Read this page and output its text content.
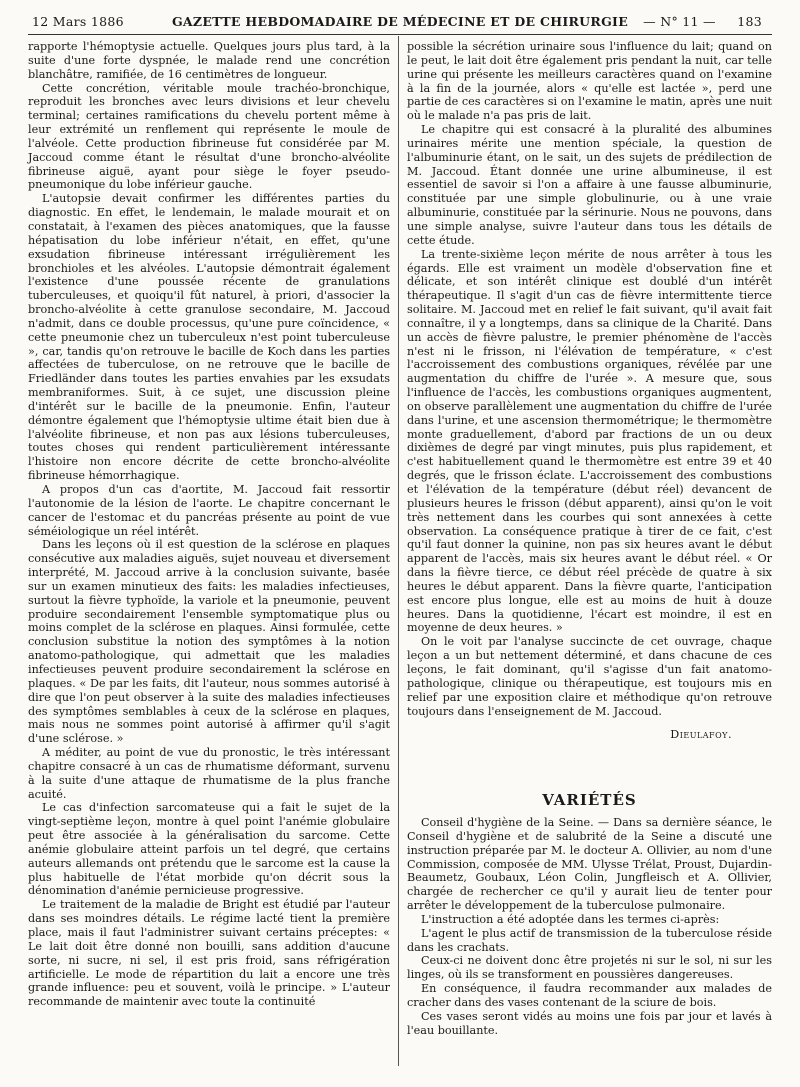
12 Mars 1886	GAZETTE HEBDOMADAIRE DE MÉDECINE ET DE CHIRURGIE	— N° 11 — 183

rapporte l'hémoptysie actuelle. Quelques jours plus tard, à la suite d'une forte dyspnée, le malade rend une concrétion blanchâtre, ramifiée, de 16 centimètres de longueur.

Cette concrétion, véritable moule trachéo-bronchique, reproduit les bronches avec leurs divisions et leur chevelu terminal; certaines ramifications du chevelu portent même à leur extrémité un renflement qui représente le moule de l'alvéole. Cette production fibrineuse fut considérée par M. Jaccoud comme étant le résultat d'une broncho-alvéolite fibrineuse aiguë, ayant pour siège le foyer pseudo-pneumonique du lobe inférieur gauche.

L'autopsie devait confirmer les différentes parties du diagnostic. En effet, le lendemain, le malade mourait et on constatait, à l'examen des pièces anatomiques, que la fausse hépatisation du lobe inférieur n'était, en effet, qu'une exsudation fibrineuse intéressant irrégulièrement les bronchioles et les alvéoles. L'autopsie démontrait également l'existence d'une poussée récente de granulations tuberculeuses, et quoiqu'il fût naturel, à priori, d'associer la broncho-alvéolite à cette granulose secondaire, M. Jaccoud n'admit, dans ce double processus, qu'une pure coïncidence, « cette pneumonie chez un tuberculeux n'est point tuberculeuse », car, tandis qu'on retrouve le bacille de Koch dans les parties affectées de tuberculose, on ne retrouve que le bacille de Friedländer dans toutes les parties envahies par les exsudats membraniformes. Suit, à ce sujet, une discussion pleine d'intérêt sur le bacille de la pneumonie. Enfin, l'auteur démontre également que l'hémoptysie ultime était bien due à l'alvéolite fibrineuse, et non pas aux lésions tuberculeuses, toutes choses qui rendent particulièrement intéressante l'histoire non encore décrite de cette broncho-alvéolite fibrineuse hémorrhagique.

A propos d'un cas d'aortite, M. Jaccoud fait ressortir l'autonomie de la lésion de l'aorte. Le chapitre concernant le cancer de l'estomac et du pancréas présente au point de vue séméiologique un réel intérêt.

Dans les leçons où il est question de la sclérose en plaques consécutive aux maladies aiguës, sujet nouveau et diversement interprété, M. Jaccoud arrive à la conclusion suivante, basée sur un examen minutieux des faits: les maladies infectieuses, surtout la fièvre typhoïde, la variole et la pneumonie, peuvent produire secondairement l'ensemble symptomatique plus ou moins complet de la sclérose en plaques. Ainsi formulée, cette conclusion substitue la notion des symptômes à la notion anatomo-pathologique, qui admettait que les maladies infectieuses peuvent produire secondairement la sclérose en plaques. « De par les faits, dit l'auteur, nous sommes autorisé à dire que l'on peut observer à la suite des maladies infectieuses des symptômes semblables à ceux de la sclérose en plaques, mais nous ne sommes point autorisé à affirmer qu'il s'agit d'une sclérose. »

A méditer, au point de vue du pronostic, le très intéressant chapitre consacré à un cas de rhumatisme déformant, survenu à la suite d'une attaque de rhumatisme de la plus franche acuité.

Le cas d'infection sarcomateuse qui a fait le sujet de la vingt-septième leçon, montre à quel point l'anémie globulaire peut être associée à la généralisation du sarcome. Cette anémie globulaire atteint parfois un tel degré, que certains auteurs allemands ont prétendu que le sarcome est la cause la plus habituelle de l'état morbide qu'on décrit sous la dénomination d'anémie pernicieuse progressive.

Le traitement de la maladie de Bright est étudié par l'auteur dans ses moindres détails. Le régime lacté tient la première place, mais il faut l'administrer suivant certains préceptes: « Le lait doit être donné non bouilli, sans addition d'aucune sorte, ni sucre, ni sel, il est pris froid, sans réfrigération artificielle. Le mode de répartition du lait a encore une très grande influence: peu et souvent, voilà le principe. » L'auteur recommande de maintenir avec toute la continuité

possible la sécrétion urinaire sous l'influence du lait; quand on le peut, le lait doit être également pris pendant la nuit, car telle urine qui présente les meilleurs caractères quand on l'examine à la fin de la journée, alors « qu'elle est lactée », perd une partie de ces caractères si on l'examine le matin, après une nuit où le malade n'a pas pris de lait.

Le chapitre qui est consacré à la pluralité des albumines urinaires mérite une mention spéciale, la question de l'albuminurie étant, on le sait, un des sujets de prédilection de M. Jaccoud. Étant donnée une urine albumineuse, il est essentiel de savoir si l'on a affaire à une fausse albuminurie, constituée par une simple globulinurie, ou à une vraie albuminurie, constituée par la sérinurie. Nous ne pouvons, dans une simple analyse, suivre l'auteur dans tous les détails de cette étude.

La trente-sixième leçon mérite de nous arrêter à tous les égards. Elle est vraiment un modèle d'observation fine et délicate, et son intérêt clinique est doublé d'un intérêt thérapeutique. Il s'agit d'un cas de fièvre intermittente tierce solitaire. M. Jaccoud met en relief le fait suivant, qu'il avait fait connaître, il y a longtemps, dans sa clinique de la Charité. Dans un accès de fièvre palustre, le premier phénomène de l'accès n'est ni le frisson, ni l'élévation de température, « c'est l'accroissement des combustions organiques, révélée par une augmentation du chiffre de l'urée ». A mesure que, sous l'influence de l'accès, les combustions organiques augmentent, on observe parallèlement une augmentation du chiffre de l'urée dans l'urine, et une ascension thermométrique; le thermomètre monte graduellement, d'abord par fractions de un ou deux dixièmes de degré par vingt minutes, puis plus rapidement, et c'est habituellement quand le thermomètre est entre 39 et 40 degrés, que le frisson éclate. L'accroissement des combustions et l'élévation de la température (début réel) devancent de plusieurs heures le frisson (début apparent), ainsi qu'on le voit très nettement dans les courbes qui sont annexées à cette observation. La conséquence pratique à tirer de ce fait, c'est qu'il faut donner la quinine, non pas six heures avant le début apparent de l'accès, mais six heures avant le début réel. « Or dans la fièvre tierce, ce début réel précède de quatre à six heures le début apparent. Dans la fièvre quarte, l'anticipation est encore plus longue, elle est au moins de huit à douze heures. Dans la quotidienne, l'écart est moindre, il est en moyenne de deux heures. »

On le voit par l'analyse succincte de cet ouvrage, chaque leçon a un but nettement déterminé, et dans chacune de ces leçons, le fait dominant, qu'il s'agisse d'un fait anatomo-pathologique, clinique ou thérapeutique, est toujours mis en relief par une exposition claire et méthodique qu'on retrouve toujours dans l'enseignement de M. Jaccoud.

Dieulafoy.
VARIÉTÉS

Conseil d'hygiène de la Seine. — Dans sa dernière séance, le Conseil d'hygiène et de salubrité de la Seine a discuté une instruction préparée par M. le docteur A. Ollivier, au nom d'une Commission, composée de MM. Ulysse Trélat, Proust, Dujardin-Beaumetz, Goubaux, Léon Colin, Jungfleisch et A. Ollivier, chargée de rechercher ce qu'il y aurait lieu de tenter pour arrêter le développement de la tuberculose pulmonaire.

L'instruction a été adoptée dans les termes ci-après:

L'agent le plus actif de transmission de la tuberculose réside dans les crachats.

Ceux-ci ne doivent donc être projetés ni sur le sol, ni sur les linges, où ils se transforment en poussières dangereuses.

En conséquence, il faudra recommander aux malades de cracher dans des vases contenant de la sciure de bois.

Ces vases seront vidés au moins une fois par jour et lavés à l'eau bouillante.
